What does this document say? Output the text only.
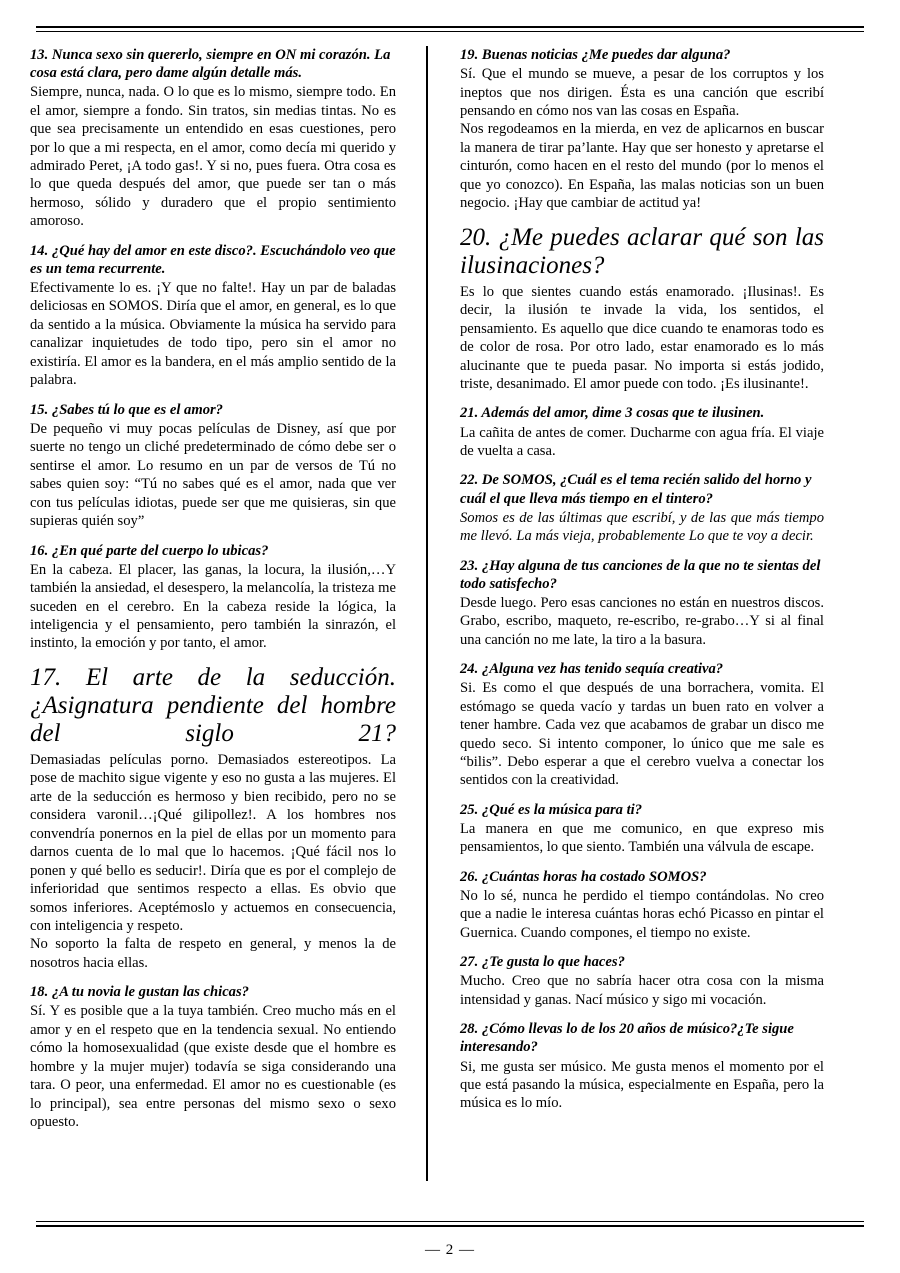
13. Nunca sexo sin quererlo, siempre en ON mi corazón. La cosa está clara, pero dame algún detalle más.

Siempre, nunca, nada. O lo que es lo mismo, siempre todo. En el amor, siempre a fondo. Sin tratos, sin medias tintas. No es que sea precisamente un entendido en esas cuestiones, pero por lo que a mi respecta, en el amor, como decía mi querido y admirado Peret, ¡A todo gas!. Y si no, pues fuera. Otra cosa es lo que queda después del amor, que puede ser tan o más hermoso, sólido y duradero que el propio sentimiento amoroso.

14. ¿Qué hay del amor en este disco?. Escuchándolo veo que es un tema recurrente.

Efectivamente lo es. ¡Y que no falte!. Hay un par de baladas deliciosas en SOMOS. Diría que el amor, en general, es lo que da sentido a la música. Obviamente la música ha servido para canalizar inquietudes de todo tipo, pero sin el amor no existiría. El amor es la bandera, en el más amplio sentido de la palabra.

15. ¿Sabes tú lo que es el amor?

De pequeño vi muy pocas películas de Disney, así que por suerte no tengo un cliché predeterminado de cómo debe ser o sentirse el amor. Lo resumo en un par de versos de Tú no sabes quien soy: “Tú no sabes qué es el amor, nada que ver con tus películas idiotas, puede ser que me quisieras, sin que supieras quién soy”

16. ¿En qué parte del cuerpo lo ubicas?

En la cabeza. El placer, las ganas, la locura, la ilusión,…Y también la ansiedad, el desespero, la melancolía, la tristeza me suceden en el cerebro. En la cabeza reside la lógica, la inteligencia y el pensamiento, pero también la sinrazón, el instinto, la emoción y por tanto, el amor.

17. El arte de la seducción. ¿Asignatura pendiente del hombre del siglo 21?

Demasiadas películas porno. Demasiados estereotipos. La pose de machito sigue vigente y eso no gusta a las mujeres. El arte de la seducción es hermoso y bien recibido, pero no se considera varonil…¡Qué gilipollez!. A los hombres nos convendría ponernos en la piel de ellas por un momento para darnos cuenta de lo mal que lo hacemos. ¡Qué fácil nos lo ponen y qué bello es seducir!. Diría que es por el complejo de inferioridad que sentimos respecto a ellas. Es obvio que somos inferiores. Aceptémoslo y actuemos en consecuencia, con inteligencia y respeto.

No soporto la falta de respeto en general, y menos la de nosotros hacia ellas.

18. ¿A tu novia le gustan las chicas?

Sí. Y es posible que a la tuya también. Creo mucho más en el amor y en el respeto que en la tendencia sexual. No entiendo cómo la homosexualidad (que existe desde que el hombre es hombre y la mujer mujer) todavía se siga considerando una tara. O peor, una enfermedad. El amor no es cuestionable (es lo principal), sea entre personas del mismo sexo o sexo opuesto.

19. Buenas noticias ¿Me puedes dar alguna?

Sí. Que el mundo se mueve, a pesar de los corruptos y los ineptos que nos dirigen. Ésta es una canción que escribí pensando en cómo nos van las cosas en España.

Nos regodeamos en la mierda, en vez de aplicarnos en buscar la manera de tirar pa’lante. Hay que ser honesto y apretarse el cinturón, como hacen en el resto del mundo (por lo menos el que yo conozco). En España, las malas noticias son un buen negocio. ¡Hay que cambiar de actitud ya!

20. ¿Me puedes aclarar qué son las ilusinaciones?

Es lo que sientes cuando estás enamorado. ¡Ilusinas!. Es decir, la ilusión te invade la vida, los sentidos, el pensamiento. Es aquello que dice cuando te enamoras todo es de color de rosa. Por otro lado, estar enamorado es lo más alucinante que te pueda pasar. No importa si estás jodido, triste, desanimado. El amor puede con todo. ¡Es ilusinante!.

21. Además del amor, dime 3 cosas que te ilusinen.

La cañita de antes de comer. Ducharme con agua fría. El viaje de vuelta a casa.

22. De SOMOS, ¿Cuál es el tema recién salido del horno y cuál el que lleva más tiempo en el tintero?

Somos es de las últimas que escribí, y de las que más tiempo me llevó. La más vieja, probablemente Lo que te voy a decir.

23. ¿Hay alguna de tus canciones de la que no te sientas del todo satisfecho?

Desde luego. Pero esas canciones no están en nuestros discos. Grabo, escribo, maqueto, re-escribo, re-grabo…Y si al final una canción no me late, la tiro a la basura.

24. ¿Alguna vez has tenido sequía creativa?

Si. Es como el que después de una borrachera, vomita. El estómago se queda vacío y tardas un buen rato en volver a tener hambre. Cada vez que acabamos de grabar un disco me quedo seco. Si intento componer, lo único que me sale es “bilis”. Debo esperar a que el cerebro vuelva a conectar los sentidos con la creatividad.

25. ¿Qué es la música para ti?

La manera en que me comunico, en que expreso mis pensamientos, lo que siento. También una válvula de escape.

26. ¿Cuántas horas ha costado SOMOS?

No lo sé, nunca he perdido el tiempo contándolas. No creo que a nadie le interesa cuántas horas echó Picasso en pintar el Guernica. Cuando compones, el tiempo no existe.

27. ¿Te gusta lo que haces?

Mucho. Creo que no sabría hacer otra cosa con la misma intensidad y ganas. Nací músico y sigo mi vocación.

28. ¿Cómo llevas lo de los 20 años de músico?¿Te sigue interesando?

Si, me gusta ser músico. Me gusta menos el momento por el que está pasando la música, especialmente en España, pero la música es lo mío.

— 2 —
